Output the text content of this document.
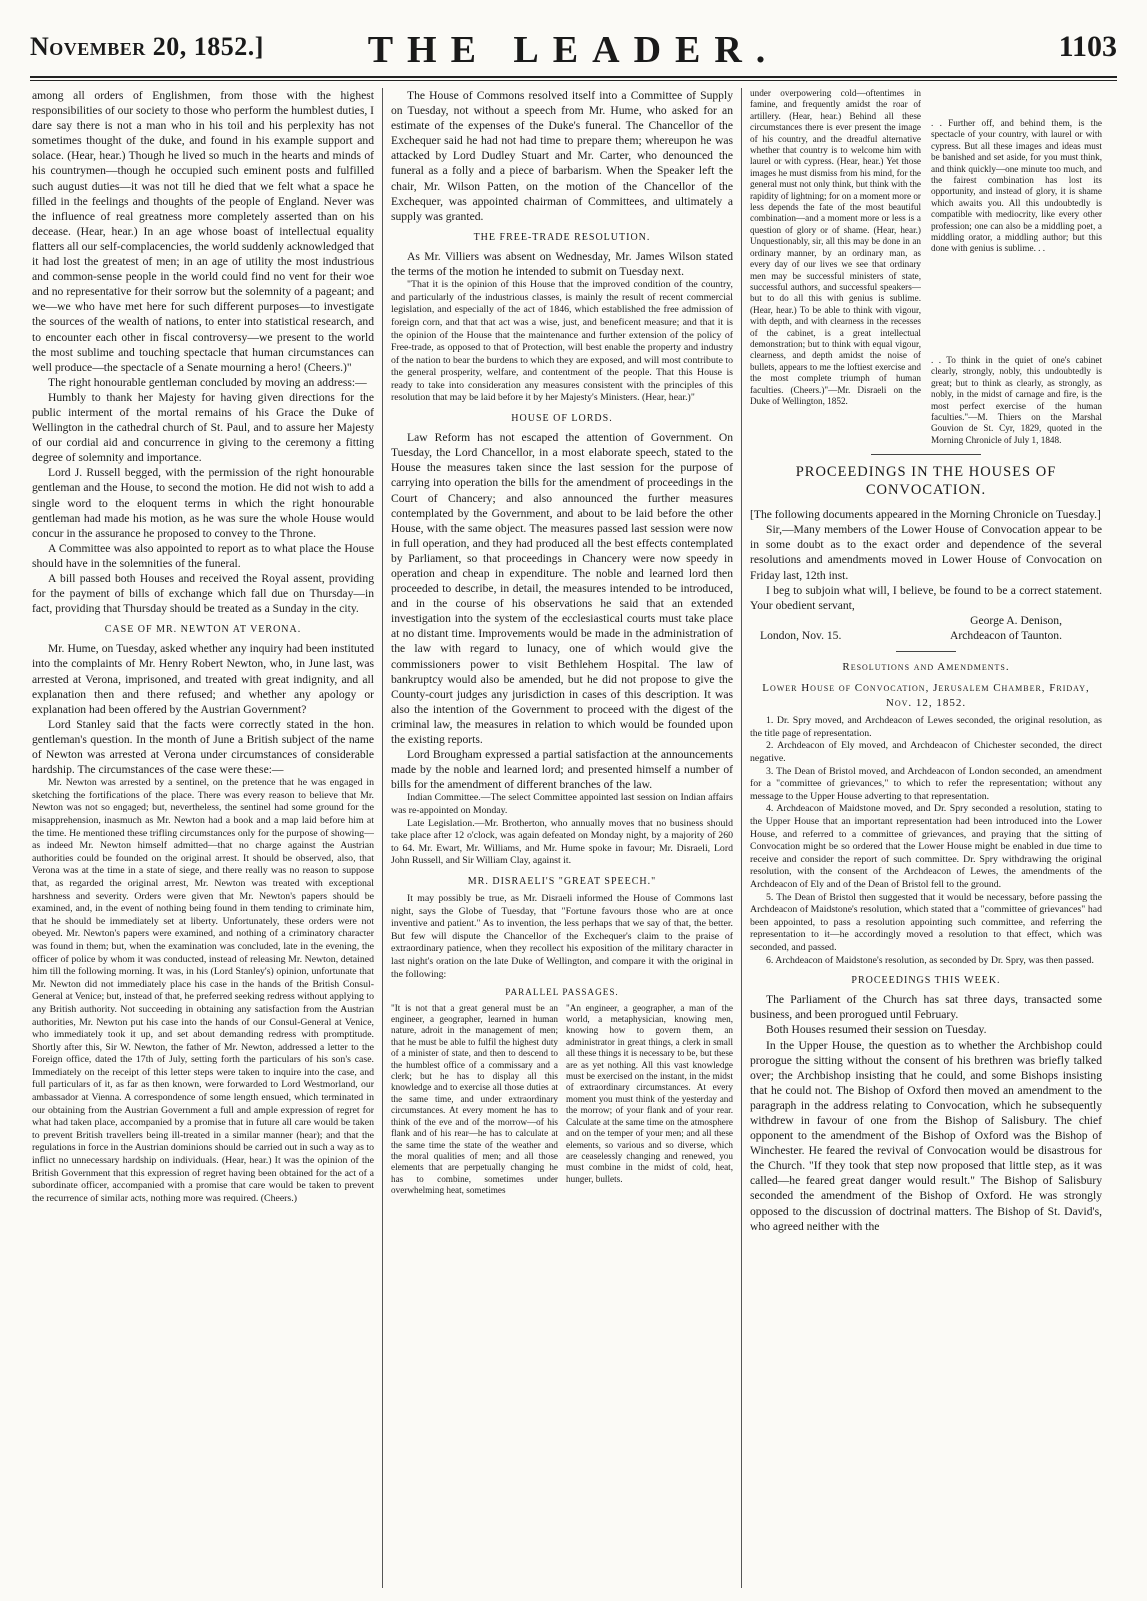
November 20, 1852.]	THE LEADER.	1103

among all orders of Englishmen, from those with the highest responsibilities of our society to those who perform the humblest duties, I dare say there is not a man who in his toil and his perplexity has not sometimes thought of the duke, and found in his example support and solace. (Hear, hear.) Though he lived so much in the hearts and minds of his countrymen—though he occupied such eminent posts and fulfilled such august duties—it was not till he died that we felt what a space he filled in the feelings and thoughts of the people of England. Never was the influence of real greatness more completely asserted than on his decease. (Hear, hear.) In an age whose boast of intellectual equality flatters all our self-complacencies, the world suddenly acknowledged that it had lost the greatest of men; in an age of utility the most industrious and common-sense people in the world could find no vent for their woe and no representative for their sorrow but the solemnity of a pageant; and we—we who have met here for such different purposes—to investigate the sources of the wealth of nations, to enter into statistical research, and to encounter each other in fiscal controversy—we present to the world the most sublime and touching spectacle that human circumstances can well produce—the spectacle of a Senate mourning a hero! (Cheers.)"

The right honourable gentleman concluded by moving an address:—

Humbly to thank her Majesty for having given directions for the public interment of the mortal remains of his Grace the Duke of Wellington in the cathedral church of St. Paul, and to assure her Majesty of our cordial aid and concurrence in giving to the ceremony a fitting degree of solemnity and importance.

Lord J. Russell begged, with the permission of the right honourable gentleman and the House, to second the motion. He did not wish to add a single word to the eloquent terms in which the right honourable gentleman had made his motion, as he was sure the whole House would concur in the assurance he proposed to convey to the Throne.

A Committee was also appointed to report as to what place the House should have in the solemnities of the funeral.

A bill passed both Houses and received the Royal assent, providing for the payment of bills of exchange which fall due on Thursday—in fact, providing that Thursday should be treated as a Sunday in the city.

CASE OF MR. NEWTON AT VERONA.

Mr. Hume, on Tuesday, asked whether any inquiry had been instituted into the complaints of Mr. Henry Robert Newton, who, in June last, was arrested at Verona, imprisoned, and treated with great indignity, and all explanation then and there refused; and whether any apology or explanation had been offered by the Austrian Government?

Lord Stanley said that the facts were correctly stated in the hon. gentleman's question. In the month of June a British subject of the name of Newton was arrested at Verona under circumstances of considerable hardship. The circumstances of the case were these:—

Mr. Newton was arrested by a sentinel, on the pretence that he was engaged in sketching the fortifications of the place. There was every reason to believe that Mr. Newton was not so engaged; but, nevertheless, the sentinel had some ground for the misapprehension, inasmuch as Mr. Newton had a book and a map laid before him at the time. He mentioned these trifling circumstances only for the purpose of showing—as indeed Mr. Newton himself admitted—that no charge against the Austrian authorities could be founded on the original arrest. It should be observed, also, that Verona was at the time in a state of siege, and there really was no reason to suppose that, as regarded the original arrest, Mr. Newton was treated with exceptional harshness and severity. Orders were given that Mr. Newton's papers should be examined, and, in the event of nothing being found in them tending to criminate him, that he should be immediately set at liberty. Unfortunately, these orders were not obeyed. Mr. Newton's papers were examined, and nothing of a criminatory character was found in them; but, when the examination was concluded, late in the evening, the officer of police by whom it was conducted, instead of releasing Mr. Newton, detained him till the following morning. It was, in his (Lord Stanley's) opinion, unfortunate that Mr. Newton did not immediately place his case in the hands of the British Consul-General at Venice; but, instead of that, he preferred seeking redress without applying to any British authority. Not succeeding in obtaining any satisfaction from the Austrian authorities, Mr. Newton put his case into the hands of our Consul-General at Venice, who immediately took it up, and set about demanding redress with promptitude. Shortly after this, Sir W. Newton, the father of Mr. Newton, addressed a letter to the Foreign office, dated the 17th of July, setting forth the particulars of his son's case. Immediately on the receipt of this letter steps were taken to inquire into the case, and full particulars of it, as far as then known, were forwarded to Lord Westmorland, our ambassador at Vienna. A correspondence of some length ensued, which terminated in our obtaining from the Austrian Government a full and ample expression of regret for what had taken place, accompanied by a promise that in future all care would be taken to prevent British travellers being ill-treated in a similar manner (hear); and that the regulations in force in the Austrian dominions should be carried out in such a way as to inflict no unnecessary hardship on individuals. (Hear, hear.) It was the opinion of the British Government that this expression of regret having been obtained for the act of a subordinate officer, accompanied with a promise that care would be taken to prevent the recurrence of similar acts, nothing more was required. (Cheers.)

The House of Commons resolved itself into a Committee of Supply on Tuesday, not without a speech from Mr. Hume, who asked for an estimate of the expenses of the Duke's funeral. The Chancellor of the Exchequer said he had not had time to prepare them; whereupon he was attacked by Lord Dudley Stuart and Mr. Carter, who denounced the funeral as a folly and a piece of barbarism. When the Speaker left the chair, Mr. Wilson Patten, on the motion of the Chancellor of the Exchequer, was appointed chairman of Committees, and ultimately a supply was granted.

THE FREE-TRADE RESOLUTION.

As Mr. Villiers was absent on Wednesday, Mr. James Wilson stated the terms of the motion he intended to submit on Tuesday next.

"That it is the opinion of this House that the improved condition of the country, and particularly of the industrious classes, is mainly the result of recent commercial legislation, and especially of the act of 1846, which established the free admission of foreign corn, and that that act was a wise, just, and beneficent measure; and that it is the opinion of the House that the maintenance and further extension of the policy of Free-trade, as opposed to that of Protection, will best enable the property and industry of the nation to bear the burdens to which they are exposed, and will most contribute to the general prosperity, welfare, and contentment of the people. That this House is ready to take into consideration any measures consistent with the principles of this resolution that may be laid before it by her Majesty's Ministers. (Hear, hear.)"

HOUSE OF LORDS.

Law Reform has not escaped the attention of Government. On Tuesday, the Lord Chancellor, in a most elaborate speech, stated to the House the measures taken since the last session for the purpose of carrying into operation the bills for the amendment of proceedings in the Court of Chancery; and also announced the further measures contemplated by the Government, and about to be laid before the other House, with the same object. The measures passed last session were now in full operation, and they had produced all the best effects contemplated by Parliament, so that proceedings in Chancery were now speedy in operation and cheap in expenditure. The noble and learned lord then proceeded to describe, in detail, the measures intended to be introduced, and in the course of his observations he said that an extended investigation into the system of the ecclesiastical courts must take place at no distant time. Improvements would be made in the administration of the law with regard to lunacy, one of which would give the commissioners power to visit Bethlehem Hospital. The law of bankruptcy would also be amended, but he did not propose to give the County-court judges any jurisdiction in cases of this description. It was also the intention of the Government to proceed with the digest of the criminal law, the measures in relation to which would be founded upon the existing reports.

Lord Brougham expressed a partial satisfaction at the announcements made by the noble and learned lord; and presented himself a number of bills for the amendment of different branches of the law.

Indian Committee.—The select Committee appointed last session on Indian affairs was re-appointed on Monday.

Late Legislation.—Mr. Brotherton, who annually moves that no business should take place after 12 o'clock, was again defeated on Monday night, by a majority of 260 to 64. Mr. Ewart, Mr. Williams, and Mr. Hume spoke in favour; Mr. Disraeli, Lord John Russell, and Sir William Clay, against it.

MR. DISRAELI'S "GREAT SPEECH."

It may possibly be true, as Mr. Disraeli informed the House of Commons last night, says the Globe of Tuesday, that "Fortune favours those who are at once inventive and patient." As to invention, the less perhaps that we say of that, the better. But few will dispute the Chancellor of the Exchequer's claim to the praise of extraordinary patience, when they recollect his exposition of the military character in last night's oration on the late Duke of Wellington, and compare it with the original in the following:

PARALLEL PASSAGES.

"It is not that a great general must be an engineer, a geographer, learned in human nature, adroit in the management of men; that he must be able to fulfil the highest duty of a minister of state, and then to descend to the humblest office of a commissary and a clerk; but he has to display all this knowledge and to exercise all those duties at the same time, and under extraordinary circumstances. At every moment he has to think of the eve and of the morrow—of his flank and of his rear—he has to calculate at the same time the state of the weather and the moral qualities of men; and all those elements that are perpetually changing he has to combine, sometimes under overwhelming heat, sometimes
"An engineer, a geographer, a man of the world, a metaphysician, knowing men, knowing how to govern them, an administrator in great things, a clerk in small all these things it is necessary to be, but these are as yet nothing. All this vast knowledge must be exercised on the instant, in the midst of extraordinary circumstances. At every moment you must think of the yesterday and the morrow; of your flank and of your rear. Calculate at the same time on the atmosphere and on the temper of your men; and all these elements, so various and so diverse, which are ceaselessly changing and renewed, you must combine in the midst of cold, heat, hunger, bullets.
under overpowering cold—oftentimes in famine, and frequently amidst the roar of artillery. (Hear, hear.) Behind all these circumstances there is ever present the image of his country, and the dreadful alternative whether that country is to welcome him with laurel or with cypress. (Hear, hear.) Yet those images he must dismiss from his mind, for the general must not only think, but think with the rapidity of lightning; for on a moment more or less depends the fate of the most beautiful combination—and a moment more or less is a question of glory or of shame. (Hear, hear.) Unquestionably, sir, all this may be done in an ordinary manner, by an ordinary man, as every day of our lives we see that ordinary men may be successful ministers of state, successful authors, and successful speakers—but to do all this with genius is sublime. (Hear, hear.) To be able to think with vigour, with depth, and with clearness in the recesses of the cabinet, is a great intellectual demonstration; but to think with equal vigour, clearness, and depth amidst the noise of bullets, appears to me the loftiest exercise and the most complete triumph of human faculties. (Cheers.)"—Mr. Disraeli on the Duke of Wellington, 1852.
. . Further off, and behind them, is the spectacle of your country, with laurel or with cypress. But all these images and ideas must be banished and set aside, for you must think, and think quickly—one minute too much, and the fairest combination has lost its opportunity, and instead of glory, it is shame which awaits you. All this undoubtedly is compatible with mediocrity, like every other profession; one can also be a middling poet, a middling orator, a middling author; but this done with genius is sublime. . .
. . To think in the quiet of one's cabinet clearly, strongly, nobly, this undoubtedly is great; but to think as clearly, as strongly, as nobly, in the midst of carnage and fire, is the most perfect exercise of the human faculties."—M. Thiers on the Marshal Gouvion de St. Cyr, 1829, quoted in the Morning Chronicle of July 1, 1848.

PROCEEDINGS IN THE HOUSES OF CONVOCATION.

[The following documents appeared in the Morning Chronicle on Tuesday.]

Sir,—Many members of the Lower House of Convocation appear to be in some doubt as to the exact order and dependence of the several resolutions and amendments moved in Lower House of Convocation on Friday last, 12th inst.

I beg to subjoin what will, I believe, be found to be a correct statement. Your obedient servant,

George A. Denison,

London, Nov. 15.	Archdeacon of Taunton.

Resolutions and Amendments.

Lower House of Convocation, Jerusalem Chamber, Friday, Nov. 12, 1852.

1. Dr. Spry moved, and Archdeacon of Lewes seconded, the original resolution, as the title page of representation.

2. Archdeacon of Ely moved, and Archdeacon of Chichester seconded, the direct negative.

3. The Dean of Bristol moved, and Archdeacon of London seconded, an amendment for a "committee of grievances," to which to refer the representation; without any message to the Upper House adverting to that representation.

4. Archdeacon of Maidstone moved, and Dr. Spry seconded a resolution, stating to the Upper House that an important representation had been introduced into the Lower House, and referred to a committee of grievances, and praying that the sitting of Convocation might be so ordered that the Lower House might be enabled in due time to receive and consider the report of such committee. Dr. Spry withdrawing the original resolution, with the consent of the Archdeacon of Lewes, the amendments of the Archdeacon of Ely and of the Dean of Bristol fell to the ground.

5. The Dean of Bristol then suggested that it would be necessary, before passing the Archdeacon of Maidstone's resolution, which stated that a "committee of grievances" had been appointed, to pass a resolution appointing such committee, and referring the representation to it—he accordingly moved a resolution to that effect, which was seconded, and passed.

6. Archdeacon of Maidstone's resolution, as seconded by Dr. Spry, was then passed.

PROCEEDINGS THIS WEEK.

The Parliament of the Church has sat three days, transacted some business, and been prorogued until February.

Both Houses resumed their session on Tuesday.

In the Upper House, the question as to whether the Archbishop could prorogue the sitting without the consent of his brethren was briefly talked over; the Archbishop insisting that he could, and some Bishops insisting that he could not. The Bishop of Oxford then moved an amendment to the paragraph in the address relating to Convocation, which he subsequently withdrew in favour of one from the Bishop of Salisbury. The chief opponent to the amendment of the Bishop of Oxford was the Bishop of Winchester. He feared the revival of Convocation would be disastrous for the Church. "If they took that step now proposed that little step, as it was called—he feared great danger would result." The Bishop of Salisbury seconded the amendment of the Bishop of Oxford. He was strongly opposed to the discussion of doctrinal matters. The Bishop of St. David's, who agreed neither with the
